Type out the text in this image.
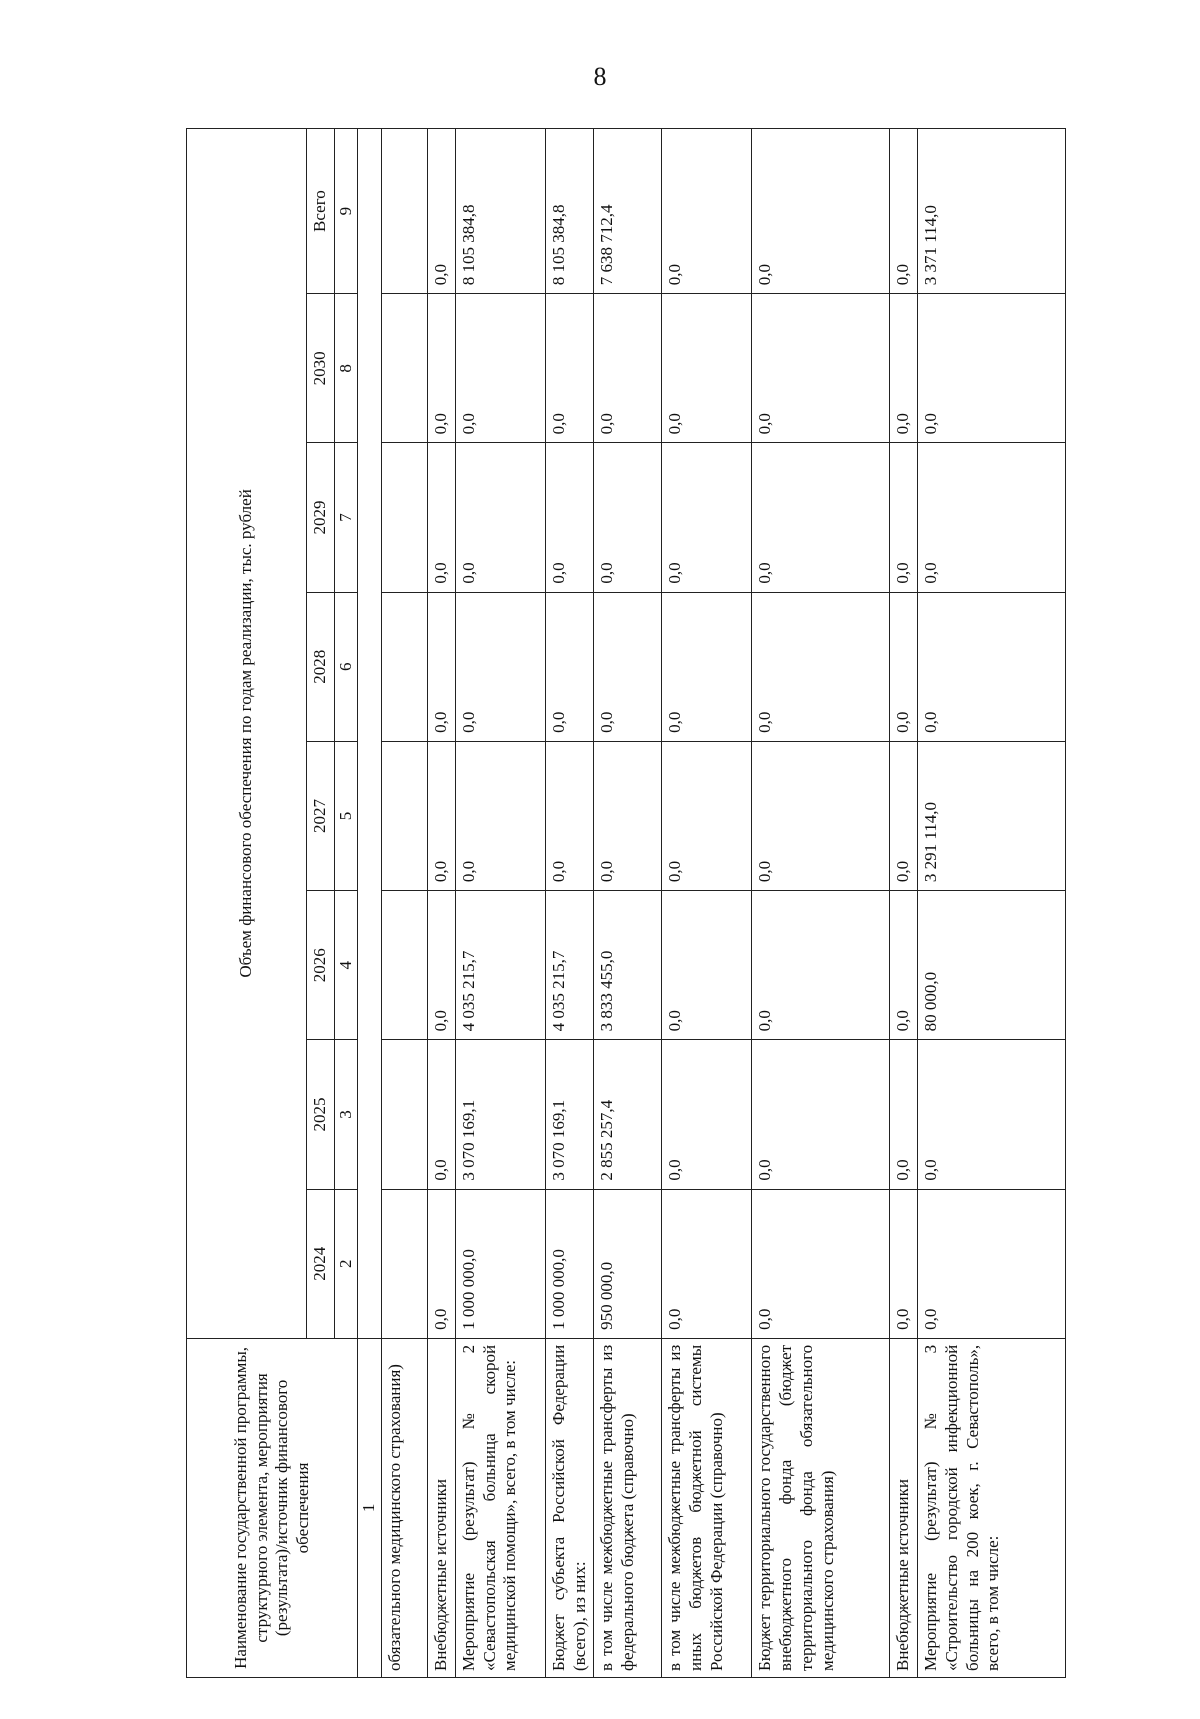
8
Наименование государственной программы, структурного элемента, мероприятия (результата)/источник финансового обеспечения	Объем финансового обеспечения по годам реализации, тыс. рублей							
	2024	2025	2026	2027	2028	2029	2030	Всего
	2	3	4	5	6	7	8	9
1								
обязательного медицинского страхования)								
Внебюджетные источники	0,0	0,0	0,0	0,0	0,0	0,0	0,0	0,0
Мероприятие (результат) № 2 «Севастопольская больница скорой медицинской помощи», всего, в том числе:	1 000 000,0	3 070 169,1	4 035 215,7	0,0	0,0	0,0	0,0	8 105 384,8
Бюджет субъекта Российской Федерации (всего), из них:	1 000 000,0	3 070 169,1	4 035 215,7	0,0	0,0	0,0	0,0	8 105 384,8
в том числе межбюджетные трансферты из федерального бюджета (справочно)	950 000,0	2 855 257,4	3 833 455,0	0,0	0,0	0,0	0,0	7 638 712,4
в том числе межбюджетные трансферты из иных бюджетов бюджетной системы Российской Федерации (справочно)	0,0	0,0	0,0	0,0	0,0	0,0	0,0	0,0
Бюджет территориального государственного внебюджетного фонда (бюджет территориального фонда обязательного медицинского страхования)	0,0	0,0	0,0	0,0	0,0	0,0	0,0	0,0
Внебюджетные источники	0,0	0,0	0,0	0,0	0,0	0,0	0,0	0,0
Мероприятие (результат) № 3 «Строительство городской инфекционной больницы на 200 коек, г. Севастополь», всего, в том числе:	0,0	0,0	80 000,0	3 291 114,0	0,0	0,0	0,0	3 371 114,0
